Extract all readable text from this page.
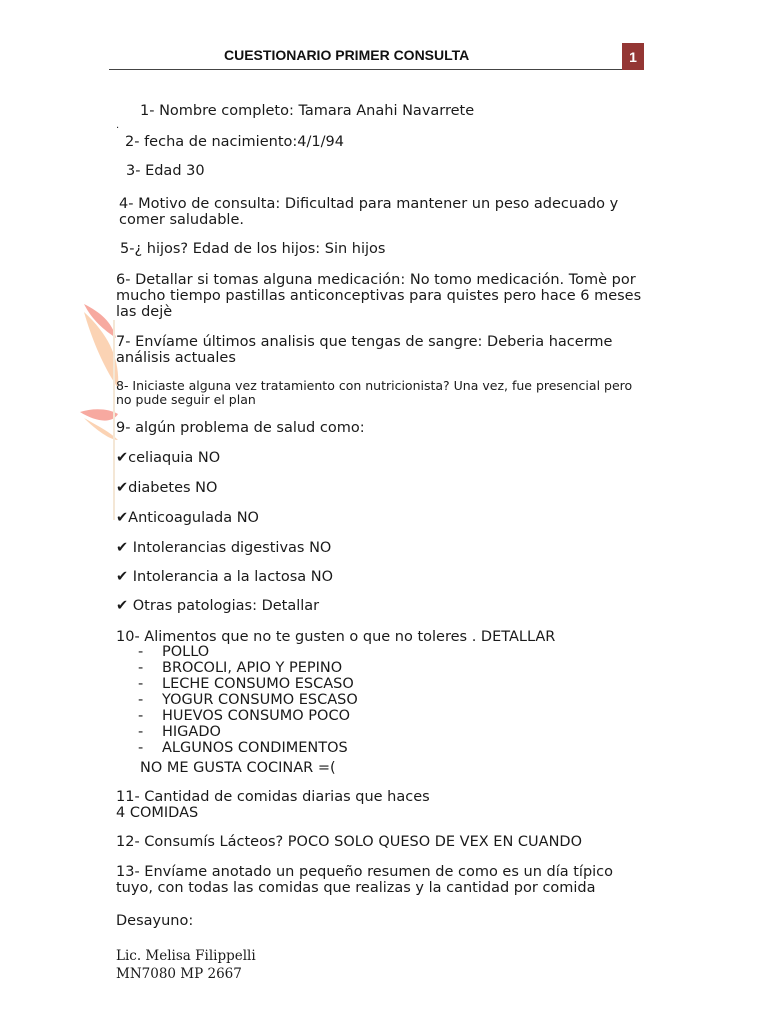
CUESTIONARIO PRIMER CONSULTA	1

1- Nombre completo: Tamara Anahi Navarrete

.

2- fecha de nacimiento:4/1/94

3- Edad 30

4- Motivo de consulta: Dificultad para mantener un peso adecuado y comer saludable.

5-¿ hijos? Edad de los hijos: Sin hijos

6- Detallar si tomas alguna medicación: No tomo medicación. Tomè por mucho tiempo pastillas anticonceptivas para quistes pero hace 6 meses las dejè

7- Envíame últimos analisis que tengas de sangre: Deberia hacerme análisis actuales

8- Iniciaste alguna vez tratamiento con nutricionista? Una vez, fue presencial pero no pude seguir el plan

9- algún problema de salud como:

✔celiaquia NO

✔diabetes NO

✔Anticoagulada NO

✔ Intolerancias digestivas NO

✔ Intolerancia a la lactosa NO

✔ Otras patologias: Detallar

10- Alimentos que no te gusten o que no toleres . DETALLAR

- POLLO
- BROCOLI, APIO Y PEPINO
- LECHE CONSUMO ESCASO
- YOGUR CONSUMO ESCASO
- HUEVOS CONSUMO POCO
- HIGADO
- ALGUNOS CONDIMENTOS

NO ME GUSTA COCINAR =(

11- Cantidad de comidas diarias que haces

4 COMIDAS

12- Consumís Lácteos? POCO SOLO QUESO DE VEX EN CUANDO

13- Envíame anotado un pequeño resumen de como es un día típico tuyo, con todas las comidas que realizas y la cantidad por comida

Desayuno:

Lic. Melisa Filippelli
MN7080 MP 2667
